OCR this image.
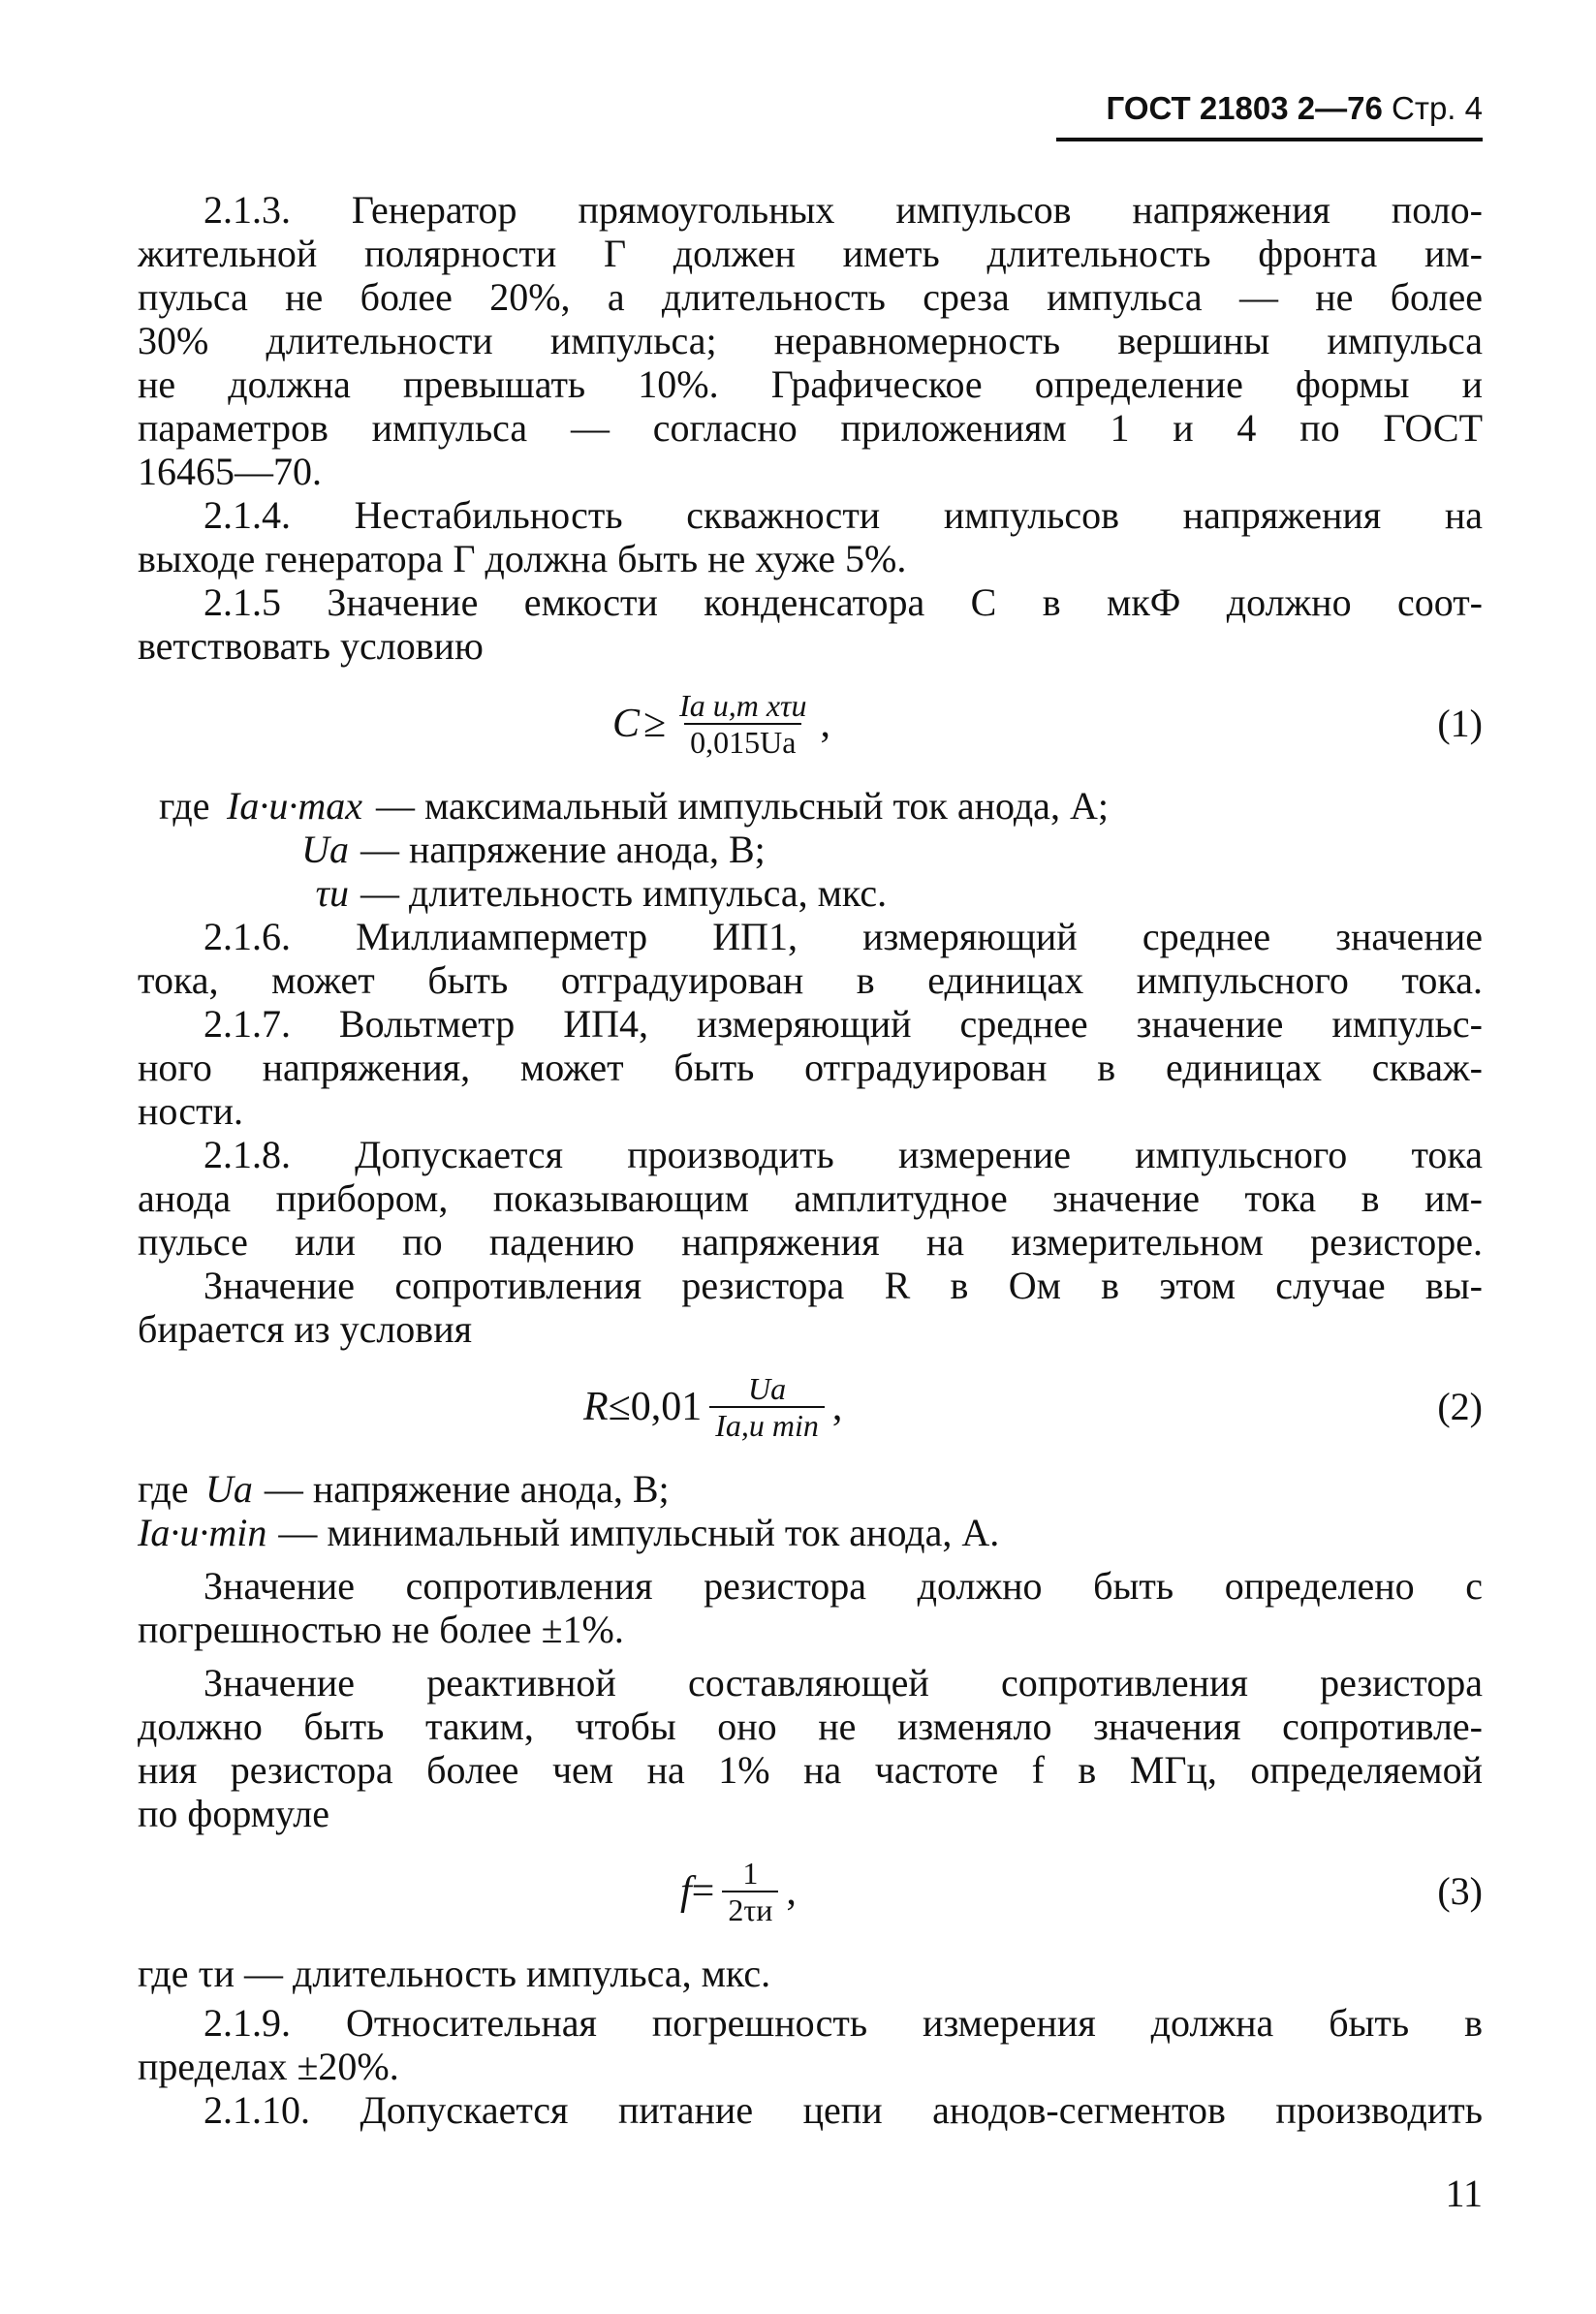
ГОСТ 21803 2—76 Стр. 4

2.1.3. Генератор прямоугольных импульсов напряжения поло-
жительной полярности Г должен иметь длительность фронта им-
пульса не более 20%, а длительность среза импульса — не более
30% длительности импульса; неравномерность вершины импульса
не должна превышать 10%. Графическое определение формы и
параметров импульса — согласно приложениям 1 и 4 по ГОСТ
16465—70.

2.1.4. Нестабильность скважности импульсов напряжения на
выходе генератора Г должна быть не хуже 5%.

2.1.5 Значение емкости конденсатора С в мкФ должно соот-
ветствовать условию

$C \ge \frac{\text{Iа и,m xτи}}{0,015Uа}$ ,	(1)
где Iа·и·max — максимальный импульсный ток анода, А;
Uа — напряжение анода, В;
τи — длительность импульса, мкс.

2.1.6. Миллиамперметр ИП1, измеряющий среднее значение
тока, может быть отградуирован в единицах импульсного тока.

2.1.7. Вольтметр ИП4, измеряющий среднее значение импульс-
ного напряжения, может быть отградуирован в единицах скваж-
ности.

2.1.8. Допускается производить измерение импульсного тока
анода прибором, показывающим амплитудное значение тока в им-
пульсе или по падению напряжения на измерительном резисторе.

Значение сопротивления резистора R в Ом в этом случае вы-
бирается из условия

$R \le 0,01 \frac{Uа}{\text{Iа,и min}}$ ,	(2)
где Uа — напряжение анода, В;
Iа·и·min — минимальный импульсный ток анода, А.

Значение сопротивления резистора должно быть определено с
погрешностью не более ±1%.

Значение реактивной составляющей сопротивления резистора
должно быть таким, чтобы оно не изменяло значения сопротивле-
ния резистора более чем на 1% на частоте f в МГц, определяемой
по формуле

$f = \frac{1}{2\tau и}$ ,	(3)

где τи — длительность импульса, мкс.

2.1.9. Относительная погрешность измерения должна быть в
пределах ±20%.

2.1.10. Допускается питание цепи анодов-сегментов производить

11
